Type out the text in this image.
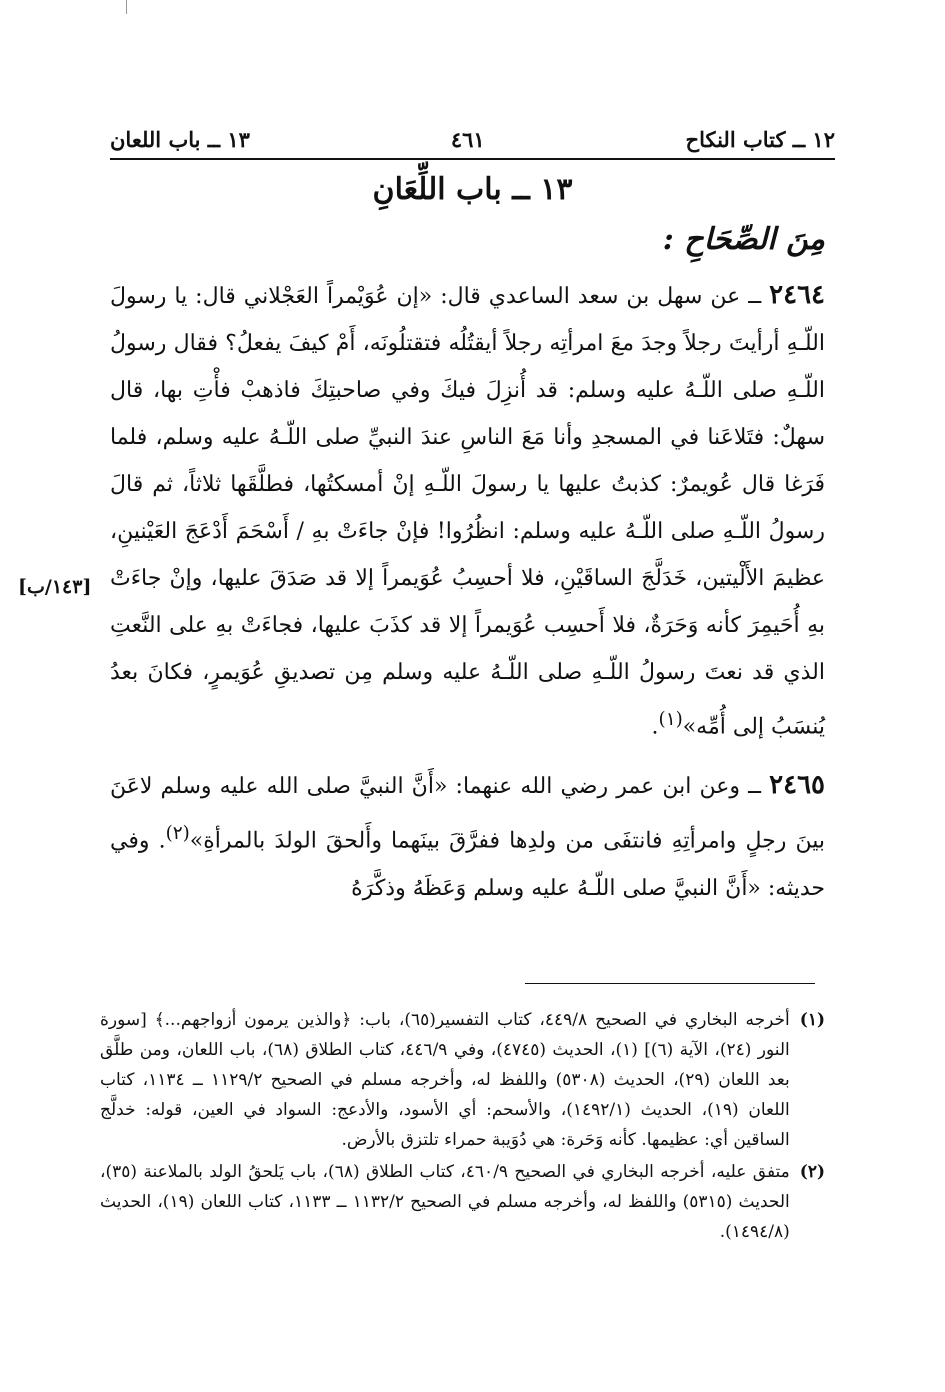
١٣ ــ باب اللعان	٤٦١	١٢ ــ كتاب النكاح
١٣ ــ باب اللِّعَانِ
مِنَ الصِّحَاحِ :
[١٤٣/ب]

٢٤٦٤ ــ عن سهل بن سعد الساعدي قال: «إن عُوَيْمراً العَجْلاني قال: يا رسولَ اللّـهِ أرأيتَ رجلاً وجدَ معَ امرأتِه رجلاً أيقتُلُه فتقتلُونَه، أَمْ كيفَ يفعلُ؟ فقال رسولُ اللّـهِ صلى اللّـهُ عليه وسلم: قد أُنزِلَ فيكَ وفي صاحبتِكَ فاذهبْ فأْتِ بها، قال سهلٌ: فتَلاعَنا في المسجدِ وأنا مَعَ الناسِ عندَ النبيِّ صلى اللّـهُ عليه وسلم، فلما فَرَغا قال عُويمرٌ: كذبتُ عليها يا رسولَ اللّـهِ إنْ أمسكتُها، فطلَّقَها ثلاثاً، ثم قالَ رسولُ اللّـهِ صلى اللّـهُ عليه وسلم: انظُرُوا! فإنْ جاءَتْ بهِ / أَسْحَمَ أَدْعَجَ العَيْنينِ، عظيمَ الأَلْيتين، خَدَلَّجَ الساقَيْنِ، فلا أحسِبُ عُوَيمراً إلا قد صَدَقَ عليها، وإنْ جاءَتْ بهِ أُحَيمِرَ كأنه وَحَرَةٌ، فلا أَحسِب عُوَيمراً إلا قد كذَبَ عليها، فجاءَتْ بهِ على النَّعتِ الذي قد نعتَ رسولُ اللّـهِ صلى اللّـهُ عليه وسلم مِن تصديقِ عُوَيمرٍ، فكانَ بعدُ يُنسَبُ إلى أُمِّه»$^{(١)}$.

٢٤٦٥ ــ وعن ابن عمر رضي الله عنهما: «أَنَّ النبيَّ صلى الله عليه وسلم لاعَنَ بينَ رجلٍ وامرأتِهِ فانتفَى من ولدِها ففرَّقَ بينَهما وأَلحقَ الولدَ بالمرأةِ»$^{(٢)}$. وفي حديثه: «أَنَّ النبيَّ صلى اللّـهُ عليه وسلم وَعَظَهُ وذكَّرَهُ

(١)
أخرجه البخاري في الصحيح ٤٤٩/٨، كتاب التفسير(٦٥)، باب: ﴿والذين يرمون أزواجهم...﴾ [سورة النور (٢٤)، الآية (٦)] (١)، الحديث (٤٧٤٥)، وفي ٤٤٦/٩، كتاب الطلاق (٦٨)، باب اللعان، ومن طلَّق بعد اللعان (٢٩)، الحديث (٥٣٠٨) واللفظ له، وأخرجه مسلم في الصحيح ١١٢٩/٢ ــ ١١٣٤، كتاب اللعان (١٩)، الحديث (١٤٩٢/١)، والأسحم: أي الأسود، والأدعج: السواد في العين، قوله: خدلَّج الساقين أي: عظيمها. كأنه وَحَرة: هي دُوَيبة حمراء تلتزق بالأرض.
(٢)
متفق عليه، أخرجه البخاري في الصحيح ٤٦٠/٩، كتاب الطلاق (٦٨)، باب يَلحقُ الولد بالملاعنة (٣٥)، الحديث (٥٣١٥) واللفظ له، وأخرجه مسلم في الصحيح ١١٣٢/٢ ــ ١١٣٣، كتاب اللعان (١٩)، الحديث (١٤٩٤/٨).
